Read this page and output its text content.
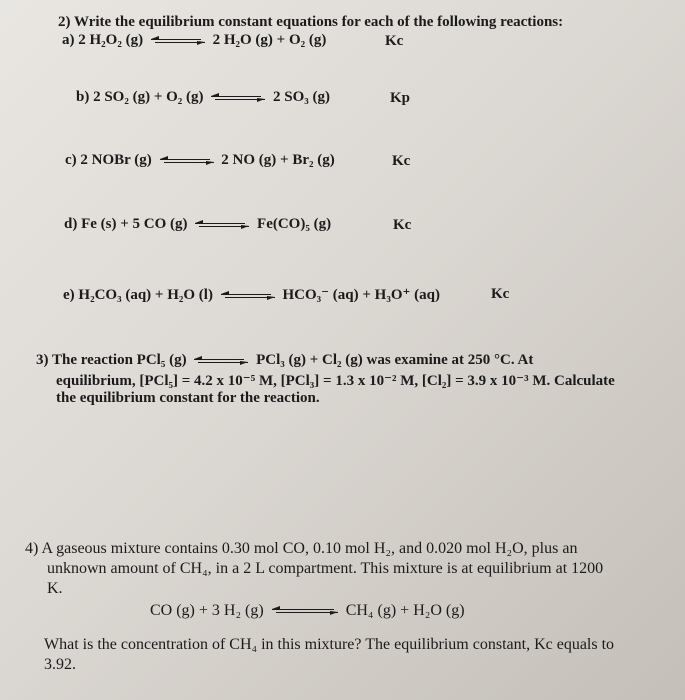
2) Write the equilibrium constant equations for each of the following reactions:
a) 2 H₂O₂ (g)	2 H₂O (g) + O₂ (g)	Kc
b) 2 SO₂ (g) + O₂ (g)	2 SO₃ (g)	Kp
c) 2 NOBr (g)	2 NO (g) + Br₂ (g)	Kc
d) Fe (s) + 5 CO (g)	Fe(CO)₅ (g)	Kc
e) H₂CO₃ (aq) + H₂O (l)	HCO₃⁻ (aq) + H₃O⁺ (aq)	Kc
3) The reaction PCl₅ (g)	PCl₃ (g) + Cl₂ (g) was examine at 250 °C. At
equilibrium, [PCl₅] = 4.2 x 10⁻⁵ M, [PCl₃] = 1.3 x 10⁻² M, [Cl₂] = 3.9 x 10⁻³ M. Calculate
the equilibrium constant for the reaction.
4) A gaseous mixture contains 0.30 mol CO, 0.10 mol H₂, and 0.020 mol H₂O, plus an
unknown amount of CH₄, in a 2 L compartment. This mixture is at equilibrium at 1200
K.
CO (g) + 3 H₂ (g)	CH₄ (g) + H₂O (g)
What is the concentration of CH₄ in this mixture? The equilibrium constant, Kc equals to
3.92.
